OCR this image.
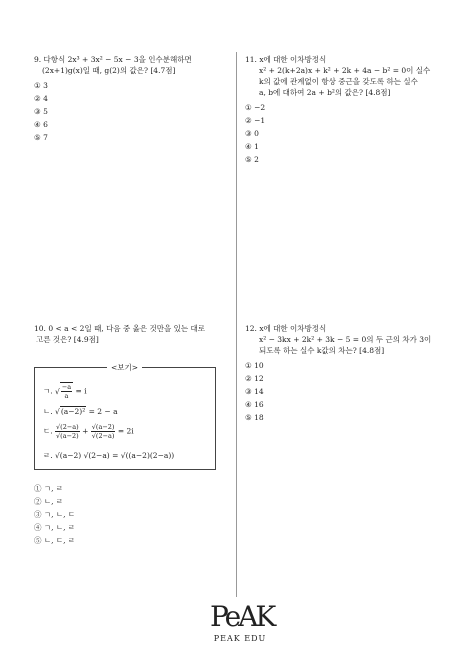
9. 다항식 2x³ + 3x² − 5x − 3을 인수분해하면
(2x+1)g(x)일 때, g(2)의 값은? [4.7점]
① 3
② 4
③ 5
④ 6
⑤ 7
11. x에 대한 이차방정식
x² + 2(k+2a)x + k² + 2k + 4a − b² = 0이 실수
k의 값에 관계없이 항상 중근을 갖도록 하는 실수
a, b에 대하여 2a + b²의 값은? [4.8점]
① −2
② −1
③ 0
④ 1
⑤ 2
10. 0 < a < 2일 때, 다음 중 옳은 것만을 있는 대로
고른 것은? [4.9점]
<보기>
ㄱ. √ $\frac{-a}{a} = i$
ㄴ. √(a−2)² = 2 − a
ㄷ. $\frac{√(2-a)}{√(a-2)} + \frac{√(a-2)}{√(2-a)} = 2i$
ㄹ. √(a−2) √(2−a) = √((a−2)(2−a))
① ㄱ, ㄹ
② ㄴ, ㄹ
③ ㄱ, ㄴ, ㄷ
④ ㄱ, ㄴ, ㄹ
⑤ ㄴ, ㄷ, ㄹ
12. x에 대한 이차방정식
x² − 3kx + 2k² + 3k − 5 = 0의 두 근의 차가 3이
되도록 하는 실수 k값의 차는? [4.8점]
① 10
② 12
③ 14
④ 16
⑤ 18
PeAK
PEAK EDU
